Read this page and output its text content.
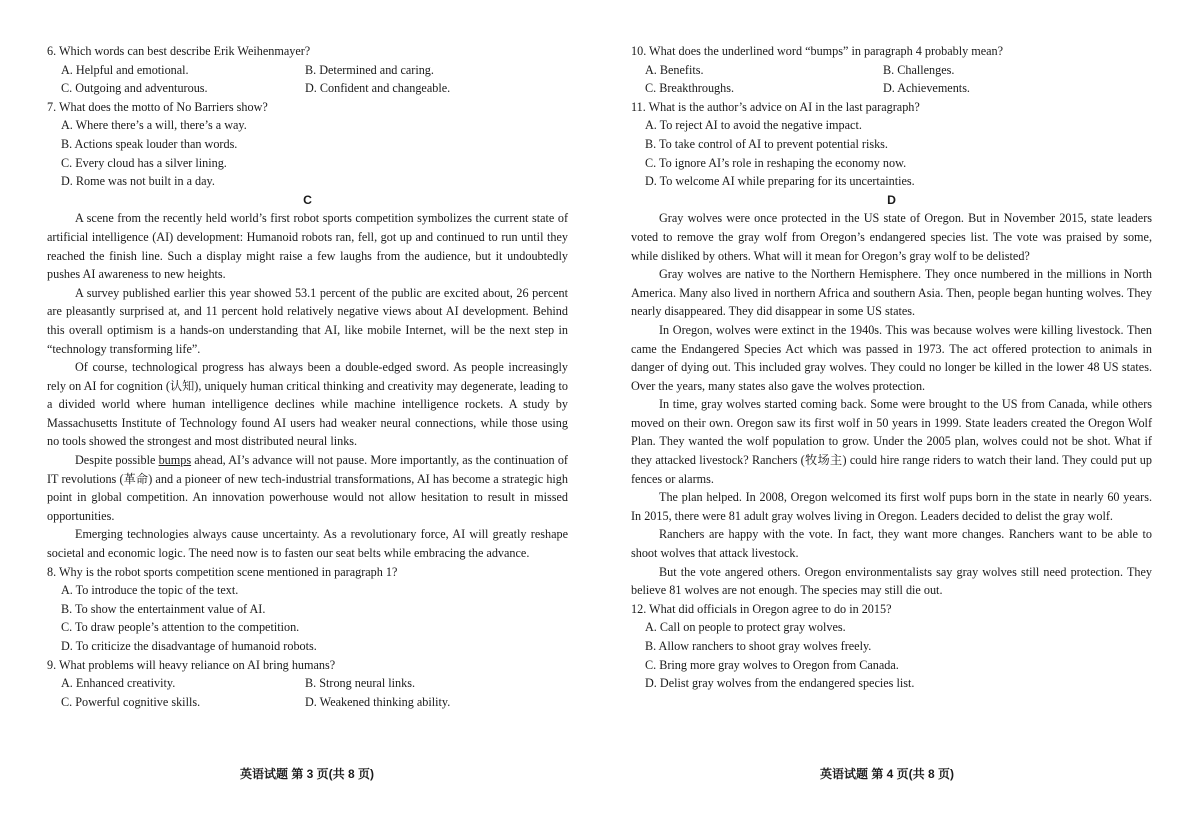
6. Which words can best describe Erik Weihenmayer?
A. Helpful and emotional.	B. Determined and caring.
C. Outgoing and adventurous.	D. Confident and changeable.
7. What does the motto of No Barriers show?
A. Where there’s a will, there’s a way.
B. Actions speak louder than words.
C. Every cloud has a silver lining.
D. Rome was not built in a day.
C

A scene from the recently held world’s first robot sports competition symbolizes the current state of artificial intelligence (AI) development: Humanoid robots ran, fell, got up and continued to run until they reached the finish line. Such a display might raise a few laughs from the audience, but it undoubtedly pushes AI awareness to new heights.

A survey published earlier this year showed 53.1 percent of the public are excited about, 26 percent are pleasantly surprised at, and 11 percent hold relatively negative views about AI development. Behind this overall optimism is a hands-on understanding that AI, like mobile Internet, will be the next step in “technology transforming life”.

Of course, technological progress has always been a double-edged sword. As people increasingly rely on AI for cognition (认知), uniquely human critical thinking and creativity may degenerate, leading to a divided world where human intelligence declines while machine intelligence rockets. A study by Massachusetts Institute of Technology found AI users had weaker neural connections, while those using no tools showed the strongest and most distributed neural links.

Despite possible bumps ahead, AI’s advance will not pause. More importantly, as the continuation of IT revolutions (革命) and a pioneer of new tech-industrial transformations, AI has become a strategic high point in global competition. An innovation powerhouse would not allow hesitation to result in missed opportunities.

Emerging technologies always cause uncertainty. As a revolutionary force, AI will greatly reshape societal and economic logic. The need now is to fasten our seat belts while embracing the advance.

8. Why is the robot sports competition scene mentioned in paragraph 1?
A. To introduce the topic of the text.
B. To show the entertainment value of AI.
C. To draw people’s attention to the competition.
D. To criticize the disadvantage of humanoid robots.
9. What problems will heavy reliance on AI bring humans?
A. Enhanced creativity.	B. Strong neural links.
C. Powerful cognitive skills.	D. Weakened thinking ability.
10. What does the underlined word “bumps” in paragraph 4 probably mean?
A. Benefits.	B. Challenges.
C. Breakthroughs.	D. Achievements.
11. What is the author’s advice on AI in the last paragraph?
A. To reject AI to avoid the negative impact.
B. To take control of AI to prevent potential risks.
C. To ignore AI’s role in reshaping the economy now.
D. To welcome AI while preparing for its uncertainties.
D

Gray wolves were once protected in the US state of Oregon. But in November 2015, state leaders voted to remove the gray wolf from Oregon’s endangered species list. The vote was praised by some, while disliked by others. What will it mean for Oregon’s gray wolf to be delisted?

Gray wolves are native to the Northern Hemisphere. They once numbered in the millions in North America. Many also lived in northern Africa and southern Asia. Then, people began hunting wolves. They nearly disappeared. They did disappear in some US states.

In Oregon, wolves were extinct in the 1940s. This was because wolves were killing livestock. Then came the Endangered Species Act which was passed in 1973. The act offered protection to animals in danger of dying out. This included gray wolves. They could no longer be killed in the lower 48 US states. Over the years, many states also gave the wolves protection.

In time, gray wolves started coming back. Some were brought to the US from Canada, while others moved on their own. Oregon saw its first wolf in 50 years in 1999. State leaders created the Oregon Wolf Plan. They wanted the wolf population to grow. Under the 2005 plan, wolves could not be shot. What if they attacked livestock? Ranchers (牧场主) could hire range riders to watch their land. They could put up fences or alarms.

The plan helped. In 2008, Oregon welcomed its first wolf pups born in the state in nearly 60 years. In 2015, there were 81 adult gray wolves living in Oregon. Leaders decided to delist the gray wolf.

Ranchers are happy with the vote. In fact, they want more changes. Ranchers want to be able to shoot wolves that attack livestock.

But the vote angered others. Oregon environmentalists say gray wolves still need protection. They believe 81 wolves are not enough. The species may still die out.

12. What did officials in Oregon agree to do in 2015?
A. Call on people to protect gray wolves.
B. Allow ranchers to shoot gray wolves freely.
C. Bring more gray wolves to Oregon from Canada.
D. Delist gray wolves from the endangered species list.
英语试题 第 3 页(共 8 页)	英语试题 第 4 页(共 8 页)
